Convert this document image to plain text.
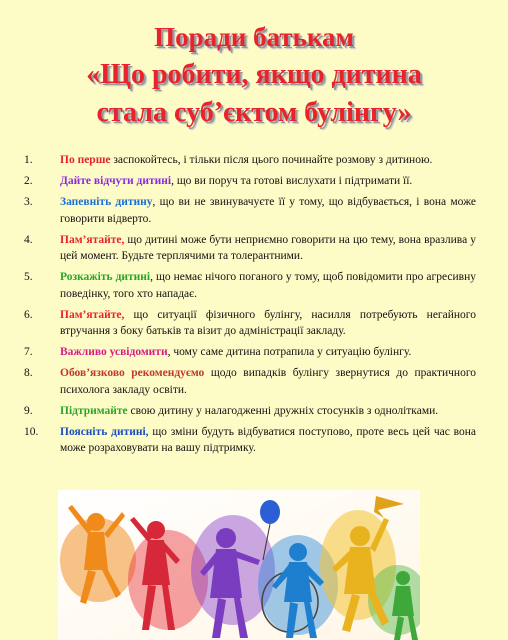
Поради батькам
«Що робити, якщо дитина
стала суб’єктом булінгу»
1. По перше заспокойтесь, і тільки після цього починайте розмову з дитиною.
2. Дайте відчути дитині, що ви поруч та готові вислухати і підтримати її.
3. Запевніть дитину, що ви не звинувачуєте її у тому, що відбувається, і вона може говорити відверто.
4. Пам’ятайте, що дитині може бути неприємно говорити на цю тему, вона вразлива у цей момент. Будьте терплячими та толерантними.
5. Розкажіть дитині, що немає нічого поганого у тому, щоб повідомити про агресивну поведінку, того хто нападає.
6. Пам’ятайте, що ситуації фізичного булінгу, насилля потребують негайного втручання з боку батьків та візит до адміністрації закладу.
7. Важливо усвідомити, чому саме дитина потрапила у ситуацію булінгу.
8. Обов’язково рекомендуємо щодо випадків булінгу звернутися до практичного психолога закладу освіти.
9. Підтримайте свою дитину у налагодженні дружніх стосунків з однолітками.
10. Поясніть дитині, що зміни будуть відбуватися поступово, проте весь цей час вона може розраховувати на вашу підтримку.
